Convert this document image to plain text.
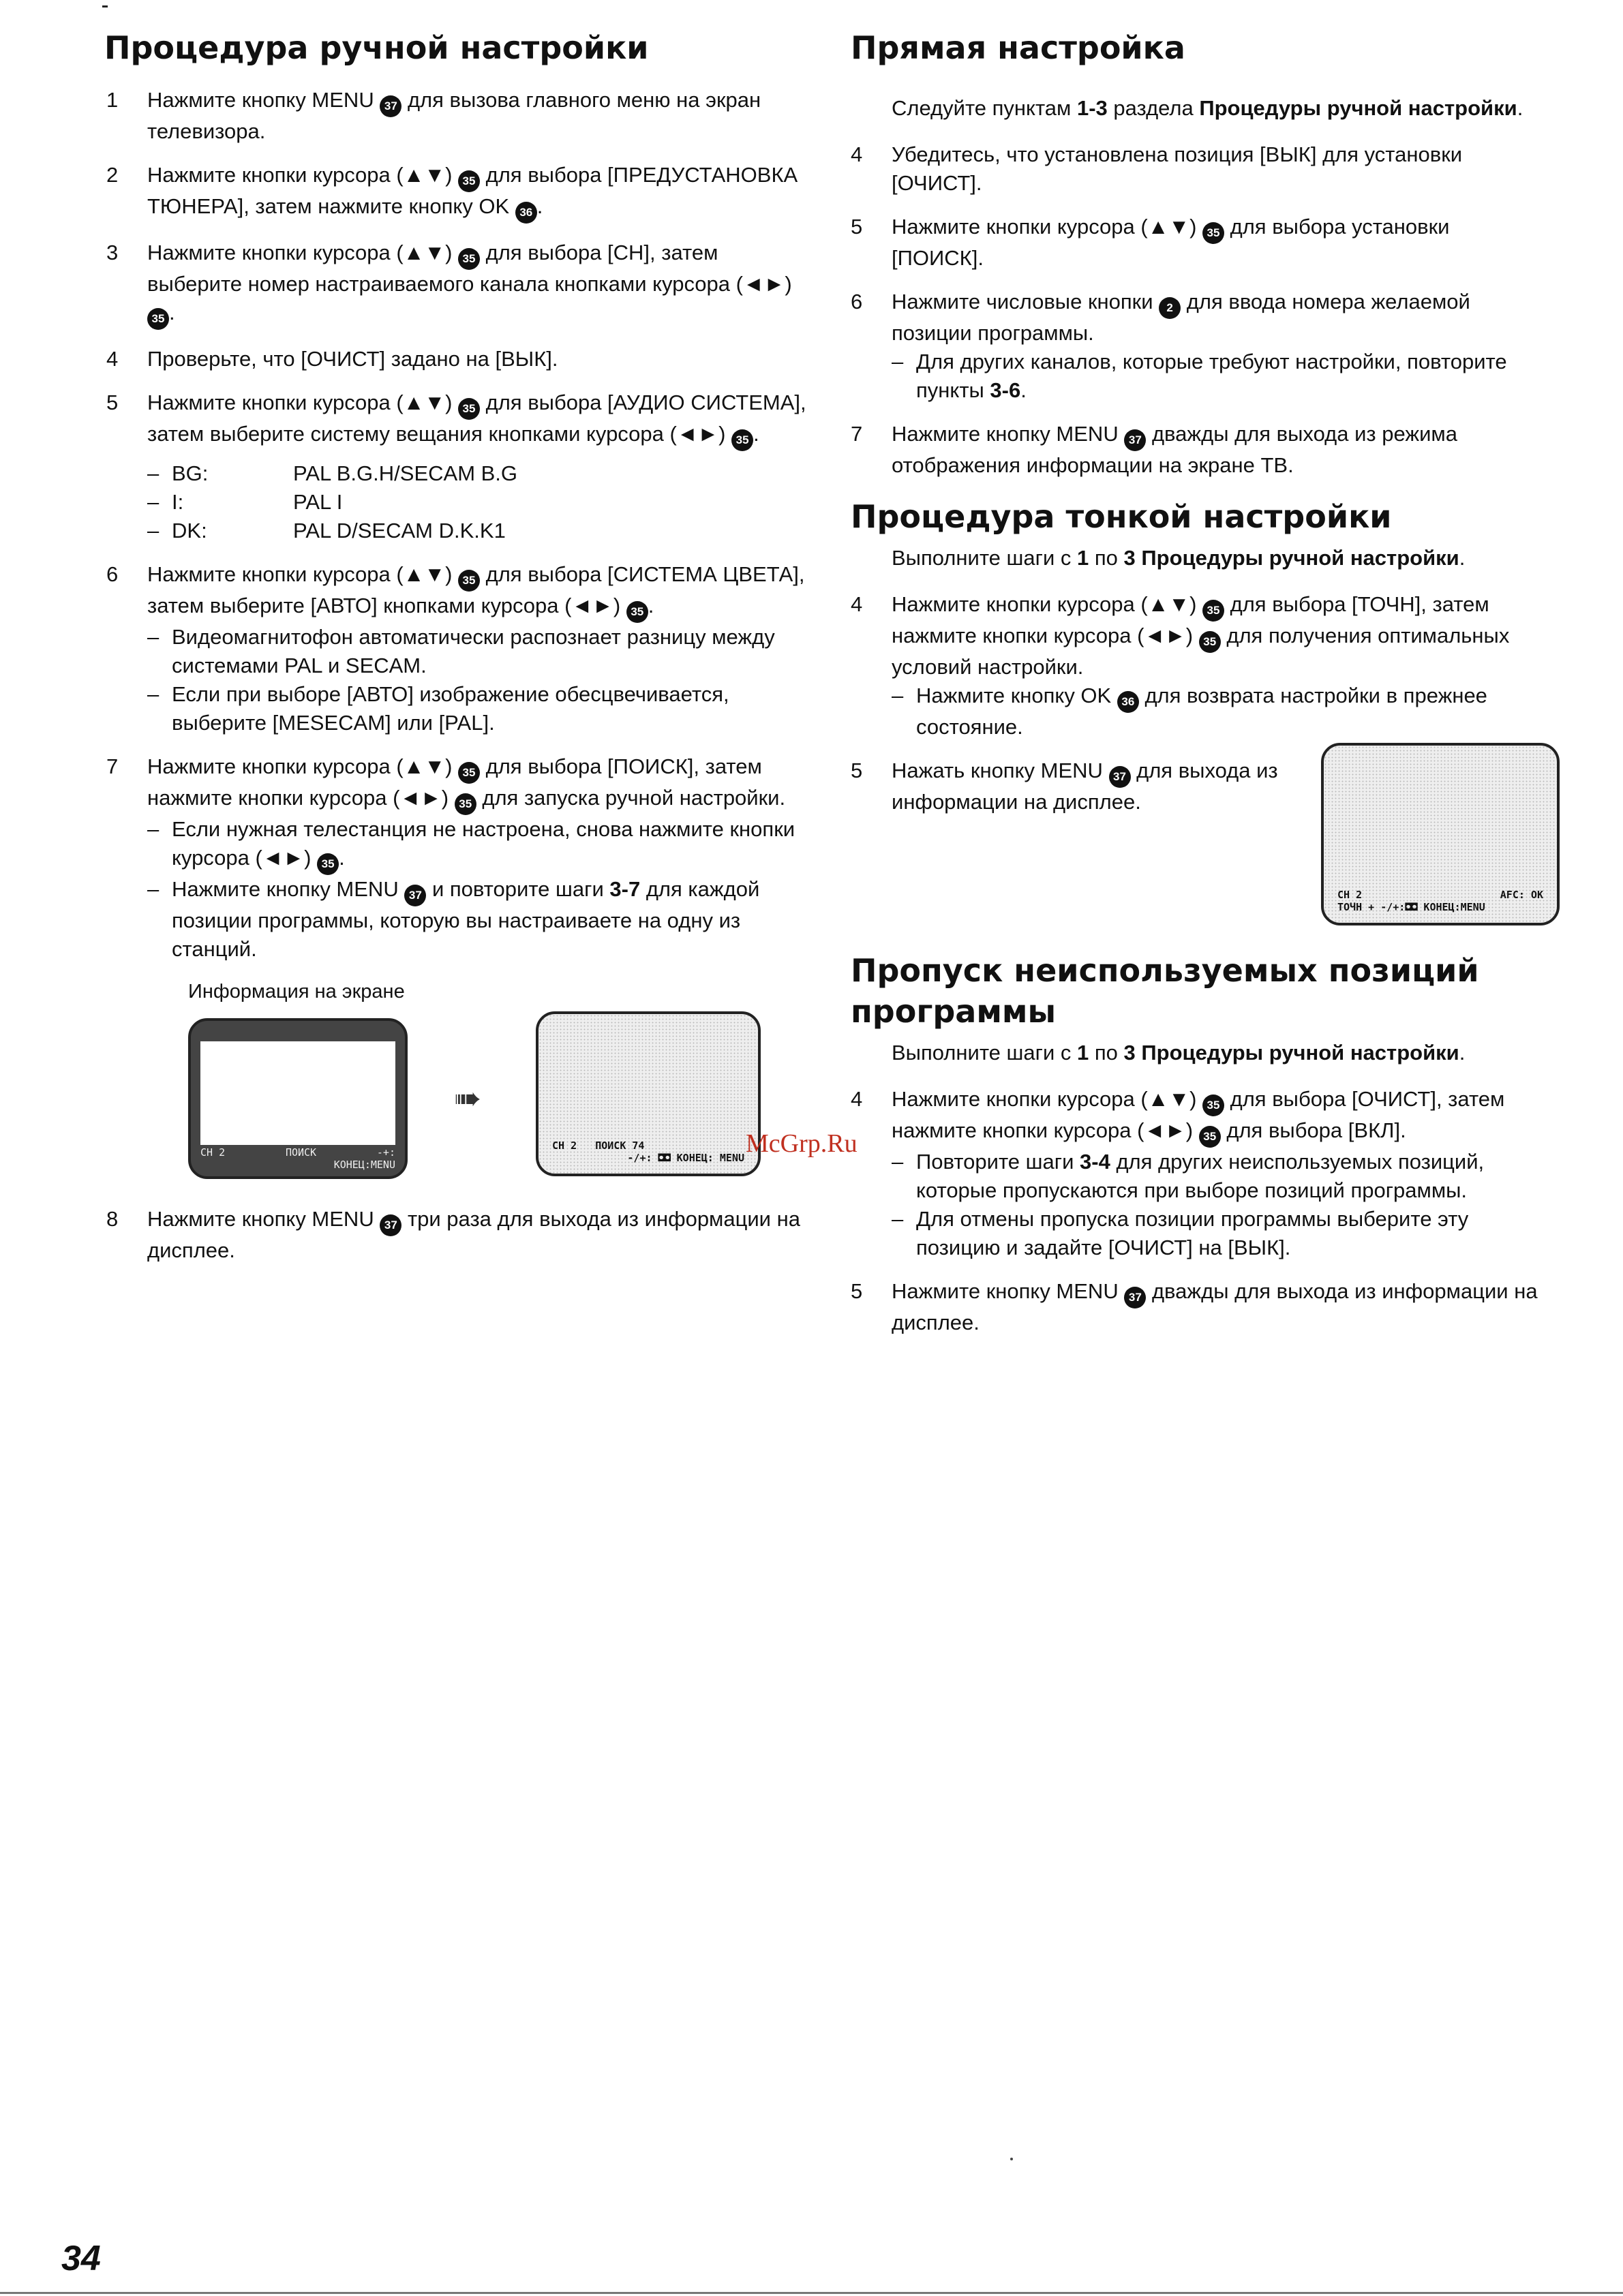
Процедура ручной настройки
1	Нажмите кнопку MENU 37 для вызова главного меню на экран телевизора.
2	Нажмите кнопки курсора (▲▼) 35 для выбора [ПРЕДУСТАНОВКА ТЮНЕРА], затем нажмите кнопку OK 36 .
3	Нажмите кнопки курсора (▲▼) 35 для выбора [CH], затем выберите номер настраиваемого канала кнопками курсора (◄►) 35 .
4	Проверьте, что [ОЧИСТ] задано на [ВЫК].
5	Нажмите кнопки курсора (▲▼) 35 для выбора [АУДИО СИСТЕМА], затем выберите систему вещания кнопками курсора (◄►) 35 .
– BG:	PAL B.G.H/SECAM B.G
– I:	PAL I
– DK:	PAL D/SECAM D.K.K1
6	Нажмите кнопки курсора (▲▼) 35 для выбора [СИСТЕМА ЦВЕТА], затем выберите [АВТО] кнопками курсора (◄►) 35 .
– Видеомагнитофон автоматически распознает разницу между системами PAL и SECAM.
– Если при выборе [АВТО] изображение обесцвечивается, выберите [MESECAM] или [PAL].
7	Нажмите кнопки курсора (▲▼) 35 для выбора [ПОИСК], затем нажмите кнопки курсора (◄►) 35 для запуска ручной настройки.
– Если нужная телестанция не настроена, снова нажмите кнопки курсора (◄►) 35 .
– Нажмите кнопку MENU 37 и повторите шаги 3-7 для каждой позиции программы, которую вы настраиваете на одну из станций.
Информация на экране
CH 2	ПОИСК	-+:
КОНЕЦ:MENU
➠
CH 2 ПОИСК 74
-/+: ◘◘ КОНЕЦ: MENU
8	Нажмите кнопку MENU 37 три раза для выхода из информации на дисплее.
Прямая настройка
Следуйте пунктам 1-3 раздела Процедуры ручной настройки.
4	Убедитесь, что установлена позиция [ВЫК] для установки [ОЧИСТ].
5	Нажмите кнопки курсора (▲▼) 35 для выбора установки [ПОИСК].
6	Нажмите числовые кнопки 2 для ввода номера желаемой позиции программы.
– Для других каналов, которые требуют настройки, повторите пункты 3-6.
7	Нажмите кнопку MENU 37 дважды для выхода из режима отображения информации на экране ТВ.
Процедура тонкой настройки
Выполните шаги с 1 по 3 Процедуры ручной настройки.
4	Нажмите кнопки курсора (▲▼) 35 для выбора [ТОЧН], затем нажмите кнопки курсора (◄►) 35 для получения оптимальных условий настройки.
– Нажмите кнопку OK 36 для возврата настройки в прежнее состояние.
5	Нажать кнопку MENU 37 для выхода из информации на дисплее.
CH 2	AFC: OK
ТОЧН + -/+:◘◘ КОНЕЦ:MENU
Пропуск неиспользуемых позиций программы
Выполните шаги с 1 по 3 Процедуры ручной настройки.
4	Нажмите кнопки курсора (▲▼) 35 для выбора [ОЧИСТ], затем нажмите кнопки курсора (◄►) 35 для выбора [ВКЛ].
– Повторите шаги 3-4 для других неиспользуемых позиций, которые пропускаются при выборе позиций программы.
– Для отмены пропуска позиции программы выберите эту позицию и задайте [ОЧИСТ] на [ВЫК].
5	Нажмите кнопку MENU 37 дважды для выхода из информации на дисплее.
McGrp.Ru
34
